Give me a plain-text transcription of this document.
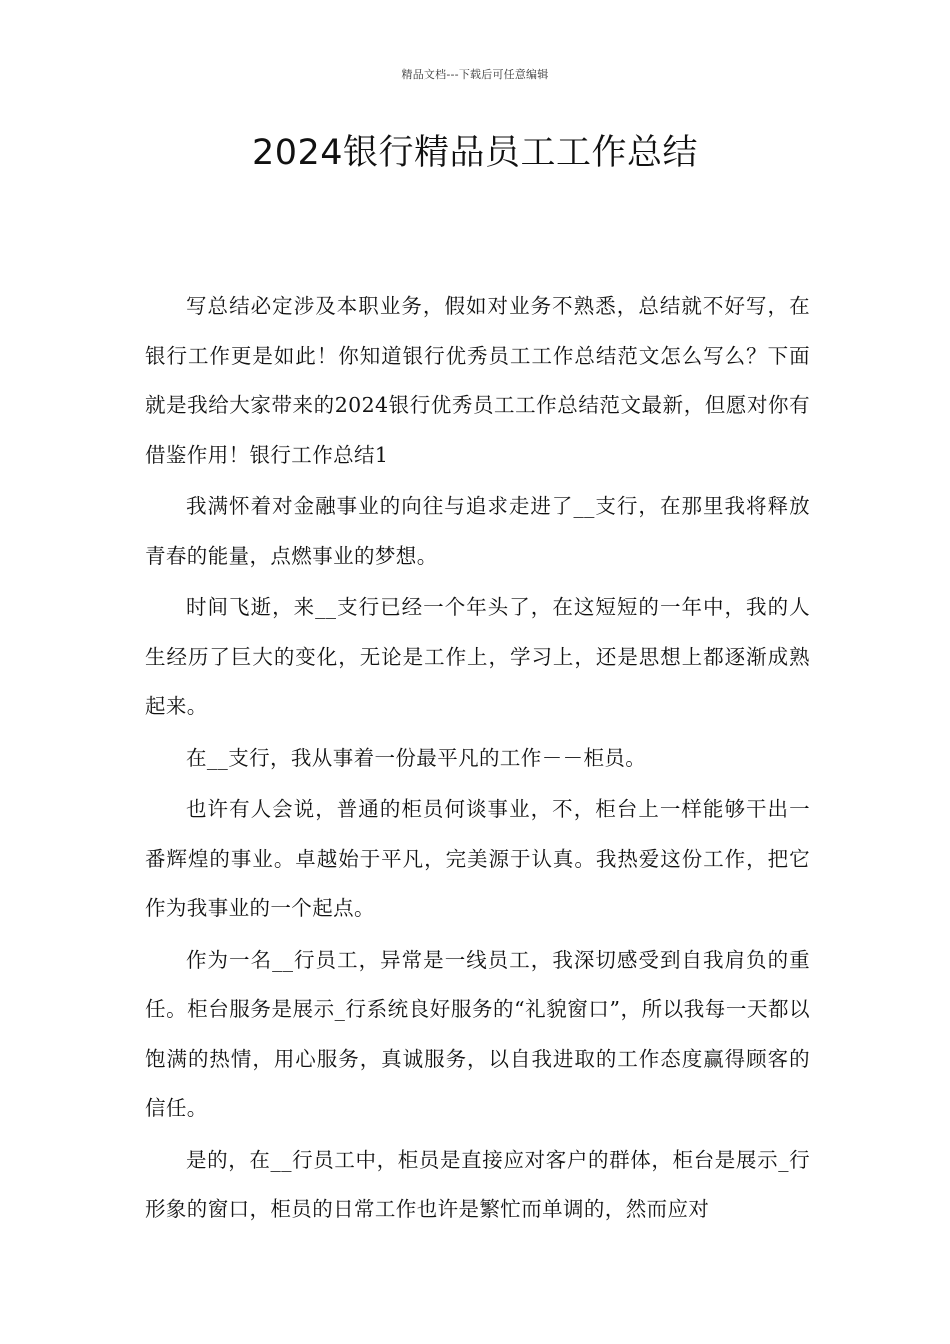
精品文档---下载后可任意编辑
2024银行精品员工工作总结

写总结必定涉及本职业务，假如对业务不熟悉，总结就不好写，在银行工作更是如此！你知道银行优秀员工工作总结范文怎么写么？下面就是我给大家带来的2024银行优秀员工工作总结范文最新，但愿对你有借鉴作用！银行工作总结1

我满怀着对金融事业的向往与追求走进了__支行，在那里我将释放青春的能量，点燃事业的梦想。

时间飞逝，来__支行已经一个年头了，在这短短的一年中，我的人生经历了巨大的变化，无论是工作上，学习上，还是思想上都逐渐成熟起来。

在__支行，我从事着一份最平凡的工作－－柜员。

也许有人会说，普通的柜员何谈事业，不，柜台上一样能够干出一番辉煌的事业。卓越始于平凡，完美源于认真。我热爱这份工作，把它作为我事业的一个起点。

作为一名__行员工，异常是一线员工，我深切感受到自我肩负的重任。柜台服务是展示_行系统良好服务的“礼貌窗口”，所以我每一天都以饱满的热情，用心服务，真诚服务，以自我进取的工作态度赢得顾客的信任。

是的，在__行员工中，柜员是直接应对客户的群体，柜台是展示_行形象的窗口，柜员的日常工作也许是繁忙而单调的，然而应对
